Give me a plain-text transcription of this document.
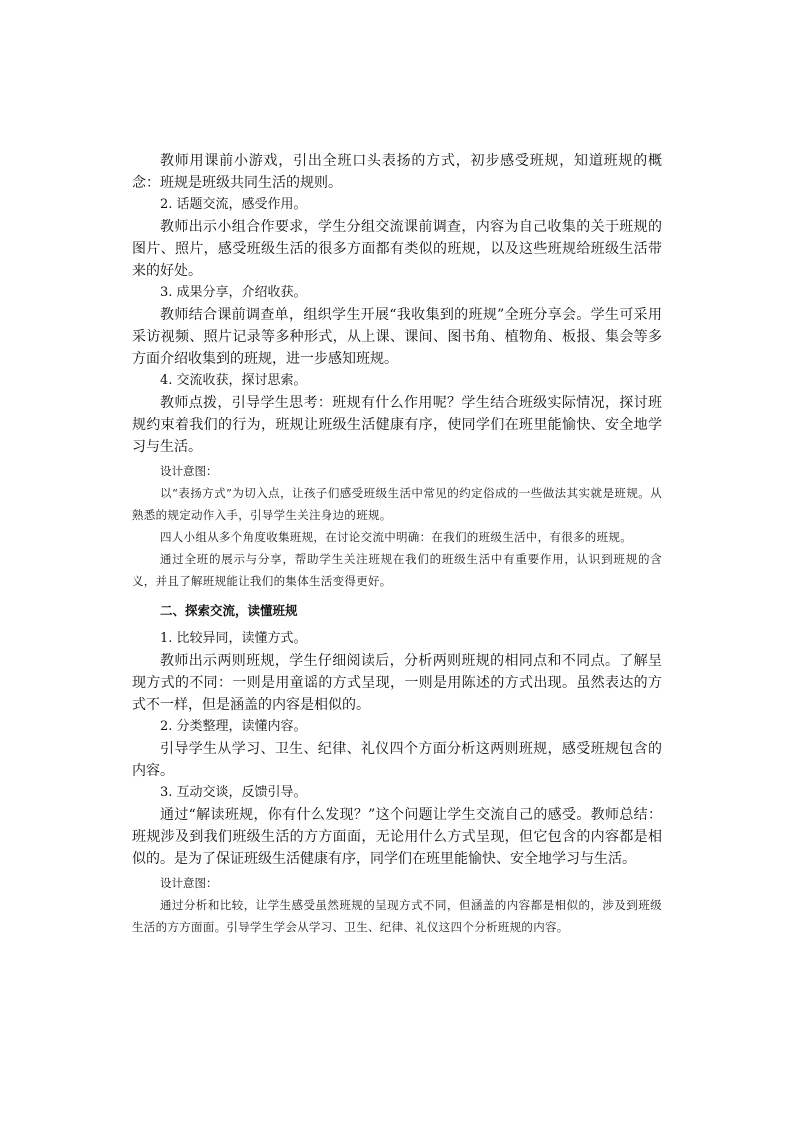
教师用课前小游戏，引出全班口头表扬的方式，初步感受班规，知道班规的概念：班规是班级共同生活的规则。

2. 话题交流，感受作用。

教师出示小组合作要求，学生分组交流课前调查，内容为自己收集的关于班规的图片、照片，感受班级生活的很多方面都有类似的班规，以及这些班规给班级生活带来的好处。

3. 成果分享，介绍收获。

教师结合课前调查单，组织学生开展“我收集到的班规”全班分享会。学生可采用采访视频、照片记录等多种形式，从上课、课间、图书角、植物角、板报、集会等多方面介绍收集到的班规，进一步感知班规。

4. 交流收获，探讨思索。

教师点拨，引导学生思考：班规有什么作用呢？学生结合班级实际情况，探讨班规约束着我们的行为，班规让班级生活健康有序，使同学们在班里能愉快、安全地学习与生活。

设计意图：

以“表扬方式”为切入点，让孩子们感受班级生活中常见的约定俗成的一些做法其实就是班规。从熟悉的规定动作入手，引导学生关注身边的班规。

四人小组从多个角度收集班规，在讨论交流中明确：在我们的班级生活中，有很多的班规。

通过全班的展示与分享，帮助学生关注班规在我们的班级生活中有重要作用，认识到班规的含义，并且了解班规能让我们的集体生活变得更好。

二、探索交流，读懂班规

1. 比较异同，读懂方式。

教师出示两则班规，学生仔细阅读后，分析两则班规的相同点和不同点。了解呈现方式的不同：一则是用童谣的方式呈现，一则是用陈述的方式出现。虽然表达的方式不一样，但是涵盖的内容是相似的。

2. 分类整理，读懂内容。

引导学生从学习、卫生、纪律、礼仪四个方面分析这两则班规，感受班规包含的内容。

3. 互动交谈，反馈引导。

通过“解读班规，你有什么发现？”这个问题让学生交流自己的感受。教师总结：班规涉及到我们班级生活的方方面面，无论用什么方式呈现，但它包含的内容都是相似的。是为了保证班级生活健康有序，同学们在班里能愉快、安全地学习与生活。

设计意图：

通过分析和比较，让学生感受虽然班规的呈现方式不同，但涵盖的内容都是相似的，涉及到班级生活的方方面面。引导学生学会从学习、卫生、纪律、礼仪这四个分析班规的内容。
